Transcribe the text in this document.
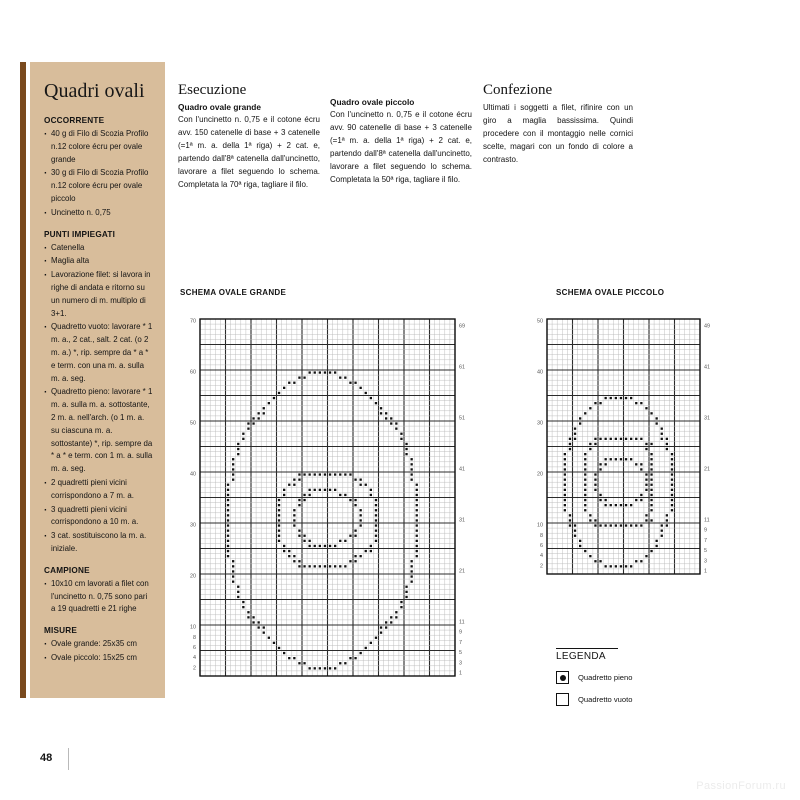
Quadri ovali
OCCORRENTE
· 40 g di Filo di Scozia Profilo n.12 colore écru per ovale grande
· 30 g di Filo di Scozia Profilo n.12 colore écru per ovale piccolo
· Uncinetto n. 0,75
PUNTI IMPIEGATI
· Catenella
· Maglia alta
· Lavorazione filet: si lavora in righe di andata e ritorno su un numero di m. multiplo di 3+1.
· Quadretto vuoto: lavorare * 1 m. a., 2 cat., salt. 2 cat. (o 2 m. a.) *, rip. sempre da * a * e term. con una m. a. sulla m. a. seg.
· Quadretto pieno: lavorare * 1 m. a. sulla m. a. sottostante, 2 m. a. nell'arch. (o 1 m. a. su ciascuna m. a. sottostante) *, rip. sempre da * a * e term. con 1 m. a. sulla m. a. seg.
· 2 quadretti pieni vicini corrispondono a 7 m. a.
· 3 quadretti pieni vicini corrispondono a 10 m. a.
· 3 cat. sostituiscono la m. a. iniziale.
CAMPIONE
· 10x10 cm lavorati a filet con l'uncinetto n. 0,75 sono pari a 19 quadretti e 21 righe
MISURE
· Ovale grande: 25x35 cm
· Ovale piccolo: 15x25 cm
Esecuzione
Quadro ovale grande

Con l'uncinetto n. 0,75 e il cotone écru avv. 150 catenelle di base + 3 catenelle (=1ª m. a. della 1ª riga) + 2 cat. e, partendo dall'8ª catenella dall'uncinetto, lavorare a filet seguendo lo schema. Completata la 70ª riga, tagliare il filo.

Quadro ovale piccolo

Con l'uncinetto n. 0,75 e il cotone écru avv. 90 catenelle di base + 3 catenelle (=1ª m. a. della 1ª riga) + 2 cat. e, partendo dall'8ª catenella dall'uncinetto, lavorare a filet seguendo lo schema. Completata la 50ª riga, tagliare il filo.

Confezione

Ultimati i soggetti a filet, rifinire con un giro a maglia bassissima. Quindi procedere con il montaggio nelle cornici scelte, magari con un fondo di colore a contrasto.

SCHEMA OVALE GRANDE	SCHEMA OVALE PICCOLO
70
60
50
40
30
20
10
8
6
4
2
69
61
51
41
31
21
11
9
7
5
3
1
50
40
30
20
10
8
6
4
2
49
41
31
21
11
9
7
5
3
1
LEGENDA
Quadretto pieno
Quadretto vuoto
48
PassionForum.ru
